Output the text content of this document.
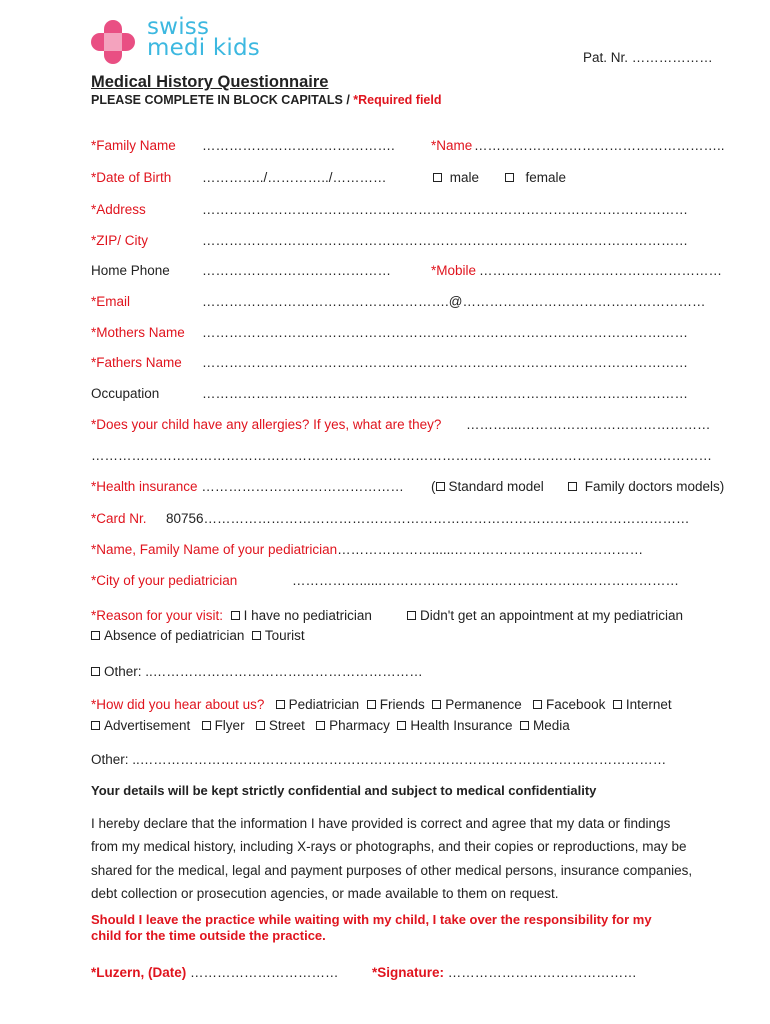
swiss
medi kids	Pat. Nr. ………………
Medical History Questionnaire
PLEASE COMPLETE IN BLOCK CAPITALS / *Required field
*Family Name …………………………………….	*Name ………………………………………………..
*Date of Birth …………../…………../…………	male	female
*Address	………………………………………………………………………………………………
*ZIP/ City	………………………………………………………………………………………………
Home Phone ……………………………………	*Mobile ………………………………………………
*Email	……………………………………………….@………………………………………………
*Mothers Name ………………………………………………………………………………………………
*Fathers Name ………………………………………………………………………………………………
Occupation	………………………………………………………………………………………………
*Does your child have any allergies? If yes, what are they? ………....……………………………………
…………………………………………………………………………………………………………………………
*Health insurance ……………………………………… ( Standard model	Family doctors models)
*Card Nr. 80756………………………………………………………………………………………………
*Name, Family Name of your pediatrician…………………......……………………………………
*City of your pediatrician	……………......…………………………………………………………
*Reason for your visit: I have no pediatrician	Didn't get an appointment at my pediatrician
Absence of pediatrician Tourist
Other: ..……………………………………………………
*How did you hear about us? Pediatrician Friends Permanence Facebook Internet
Advertisement Flyer Street Pharmacy Health Insurance Media
Other: ..………………………………………………………………………………………………………
Your details will be kept strictly confidential and subject to medical confidentiality

I hereby declare that the information I have provided is correct and agree that my data or findings

from my medical history, including X-rays or photographs, and their copies or reproductions, may be

shared for the medical, legal and payment purposes of other medical persons, insurance companies,

debt collection or prosecution agencies, or made available to them on request.

Should I leave the practice while waiting with my child, I take over the responsibility for my

child for the time outside the practice.

*Luzern, (Date) …………………………… *Signature: ……………………………………
